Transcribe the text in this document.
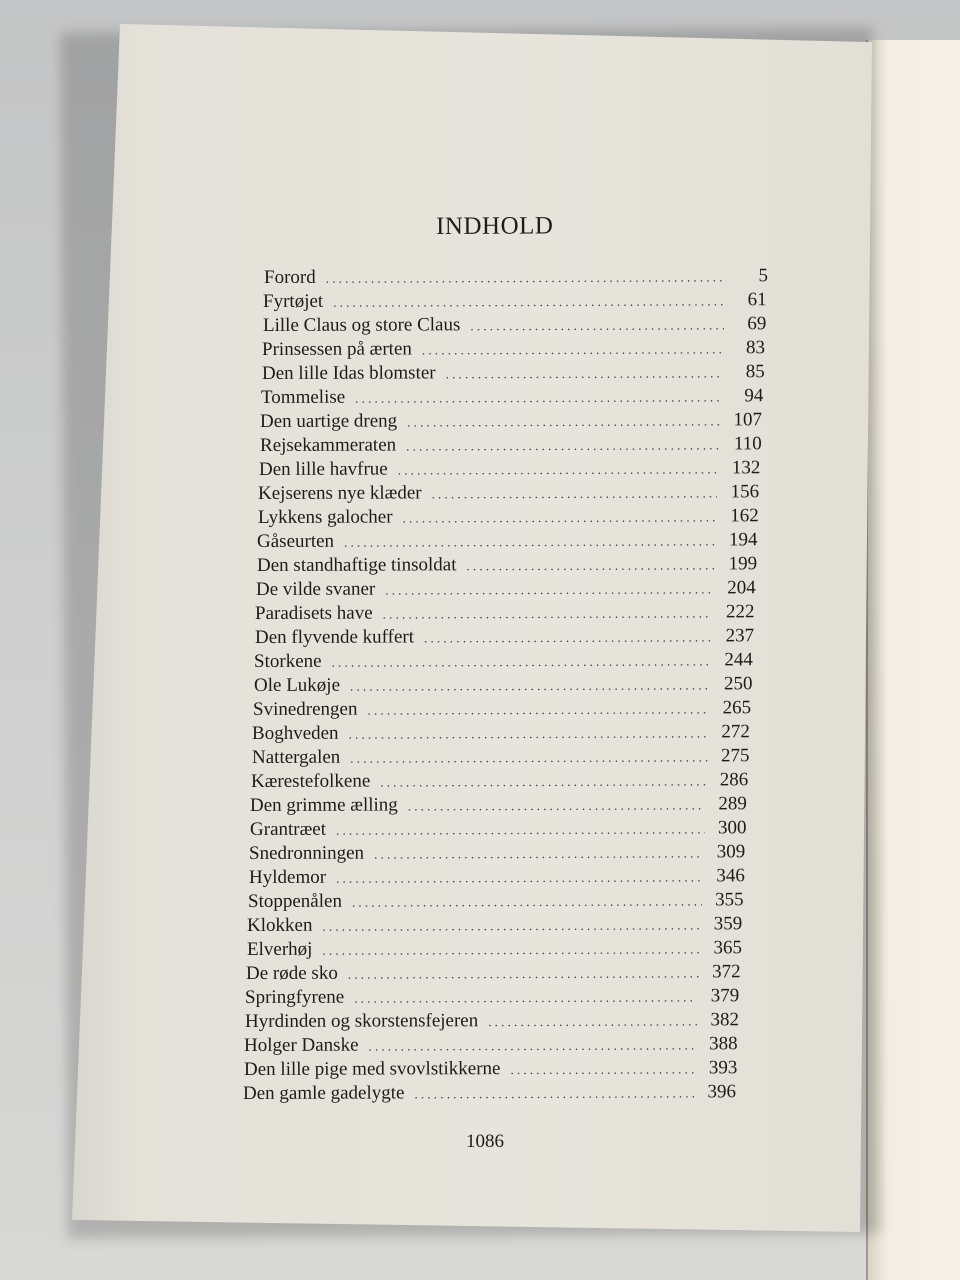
INDHOLD
Forord .....	5
Fyrtøjet .....	61
Lille Claus og store Claus .....	69
Prinsessen på ærten .....	83
Den lille Idas blomster .....	85
Tommelise .....	94
Den uartige dreng .....	107
Rejsekammeraten .....	110
Den lille havfrue .....	132
Kejserens nye klæder .....	156
Lykkens galocher .....	162
Gåseurten .....	194
Den standhaftige tinsoldat .....	199
De vilde svaner .....	204
Paradisets have .....	222
Den flyvende kuffert .....	237
Storkene .....	244
Ole Lukøje .....	250
Svinedrengen .....	265
Boghveden .....	272
Nattergalen .....	275
Kærestefolkene .....	286
Den grimme ælling .....	289
Grantræet .....	300
Snedronningen .....	309
Hyldemor .....	346
Stoppenålen .....	355
Klokken .....	359
Elverhøj .....	365
De røde sko .....	372
Springfyrene .....	379
Hyrdinden og skorstensfejeren .....	382
Holger Danske .....	388
Den lille pige med svovlstikkerne .....	393
Den gamle gadelygte .....	396
1086
